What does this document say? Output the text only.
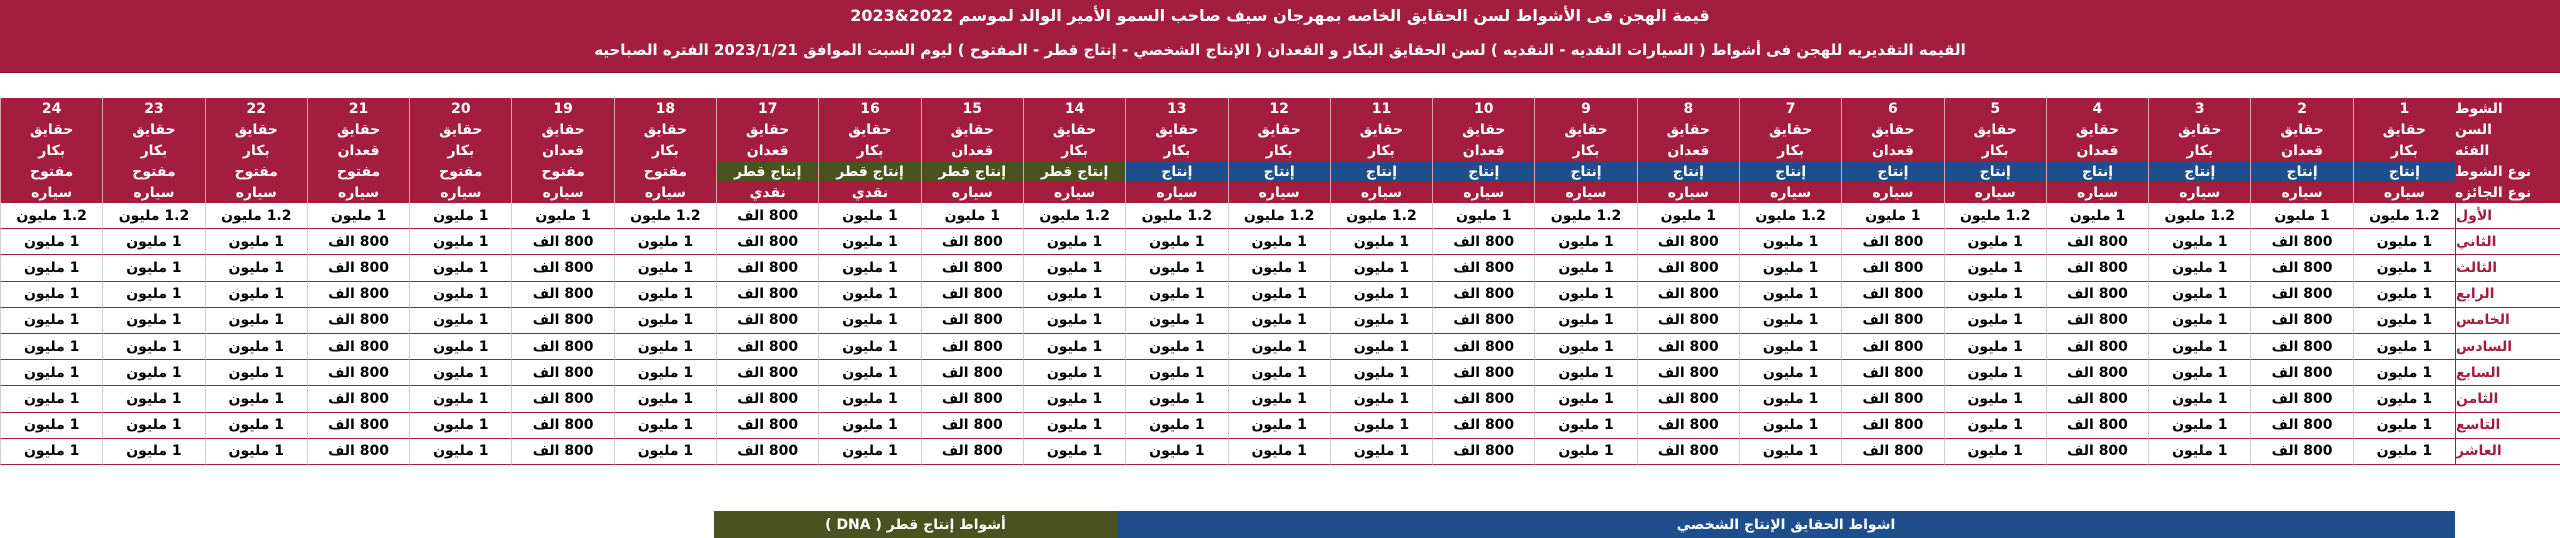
قيمة الهجن فى الأشواط لسن الحقايق الخاصه بمهرجان سيف صاحب السمو الأمير الوالد لموسم 2022&2023
القيمه التقديريه للهجن فى أشواط ( السيارات النقديه - النقديه ) لسن الحقايق البكار و القعدان ( الإنتاج الشخصي - إنتاج قطر - المفتوح ) ليوم السبت الموافق 2023/1/21 الفتره الصباحيه
1
2
3
4
5
6
7
8
9
10
11
12
13
14
15
16
17
18
19
20
21
22
23
24
حقايق
حقايق
حقايق
حقايق
حقايق
حقايق
حقايق
حقايق
حقايق
حقايق
حقايق
حقايق
حقايق
حقايق
حقايق
حقايق
حقايق
حقايق
حقايق
حقايق
حقايق
حقايق
حقايق
حقايق
بكار
قعدان
بكار
قعدان
بكار
قعدان
بكار
قعدان
بكار
قعدان
بكار
بكار
بكار
بكار
قعدان
بكار
قعدان
بكار
قعدان
بكار
قعدان
بكار
بكار
بكار
إنتاج
إنتاج
إنتاج
إنتاج
إنتاج
إنتاج
إنتاج
إنتاج
إنتاج
إنتاج
إنتاج
إنتاج
إنتاج
إنتاج قطر
إنتاج قطر
إنتاج قطر
إنتاج قطر
مفتوح
مفتوح
مفتوح
مفتوح
مفتوح
مفتوح
مفتوح
سياره
سياره
سياره
سياره
سياره
سياره
سياره
سياره
سياره
سياره
سياره
سياره
سياره
سياره
سياره
نقدي
نقدي
سياره
سياره
سياره
سياره
سياره
سياره
سياره
1.2 مليون
1 مليون
1.2 مليون
1 مليون
1.2 مليون
1 مليون
1.2 مليون
1 مليون
1.2 مليون
1 مليون
1.2 مليون
1.2 مليون
1.2 مليون
1.2 مليون
1 مليون
1 مليون
800 الف
1.2 مليون
1 مليون
1 مليون
1 مليون
1.2 مليون
1.2 مليون
1.2 مليون
1 مليون
800 الف
1 مليون
800 الف
1 مليون
800 الف
1 مليون
800 الف
1 مليون
800 الف
1 مليون
1 مليون
1 مليون
1 مليون
800 الف
1 مليون
800 الف
1 مليون
800 الف
1 مليون
800 الف
1 مليون
1 مليون
1 مليون
1 مليون
800 الف
1 مليون
800 الف
1 مليون
800 الف
1 مليون
800 الف
1 مليون
800 الف
1 مليون
1 مليون
1 مليون
1 مليون
800 الف
1 مليون
800 الف
1 مليون
800 الف
1 مليون
800 الف
1 مليون
1 مليون
1 مليون
1 مليون
800 الف
1 مليون
800 الف
1 مليون
800 الف
1 مليون
800 الف
1 مليون
800 الف
1 مليون
1 مليون
1 مليون
1 مليون
800 الف
1 مليون
800 الف
1 مليون
800 الف
1 مليون
800 الف
1 مليون
1 مليون
1 مليون
1 مليون
800 الف
1 مليون
800 الف
1 مليون
800 الف
1 مليون
800 الف
1 مليون
800 الف
1 مليون
1 مليون
1 مليون
1 مليون
800 الف
1 مليون
800 الف
1 مليون
800 الف
1 مليون
800 الف
1 مليون
1 مليون
1 مليون
1 مليون
800 الف
1 مليون
800 الف
1 مليون
800 الف
1 مليون
800 الف
1 مليون
800 الف
1 مليون
1 مليون
1 مليون
1 مليون
800 الف
1 مليون
800 الف
1 مليون
800 الف
1 مليون
800 الف
1 مليون
1 مليون
1 مليون
1 مليون
800 الف
1 مليون
800 الف
1 مليون
800 الف
1 مليون
800 الف
1 مليون
800 الف
1 مليون
1 مليون
1 مليون
1 مليون
800 الف
1 مليون
800 الف
1 مليون
800 الف
1 مليون
800 الف
1 مليون
1 مليون
1 مليون
1 مليون
800 الف
1 مليون
800 الف
1 مليون
800 الف
1 مليون
800 الف
1 مليون
800 الف
1 مليون
1 مليون
1 مليون
1 مليون
800 الف
1 مليون
800 الف
1 مليون
800 الف
1 مليون
800 الف
1 مليون
1 مليون
1 مليون
1 مليون
800 الف
1 مليون
800 الف
1 مليون
800 الف
1 مليون
800 الف
1 مليون
800 الف
1 مليون
1 مليون
1 مليون
1 مليون
800 الف
1 مليون
800 الف
1 مليون
800 الف
1 مليون
800 الف
1 مليون
1 مليون
1 مليون
1 مليون
800 الف
1 مليون
800 الف
1 مليون
800 الف
1 مليون
800 الف
1 مليون
800 الف
1 مليون
1 مليون
1 مليون
1 مليون
800 الف
1 مليون
800 الف
1 مليون
800 الف
1 مليون
800 الف
1 مليون
1 مليون
1 مليون
الشوط
السن
الفئه
نوع الشوط
نوع الجائزه
الأول
الثاني
الثالث
الرابع
الخامس
السادس
السابع
الثامن
التاسع
العاشر
اشواط الحقايق الإنتاج الشخصي
أشواط إنتاج قطر ( DNA )
